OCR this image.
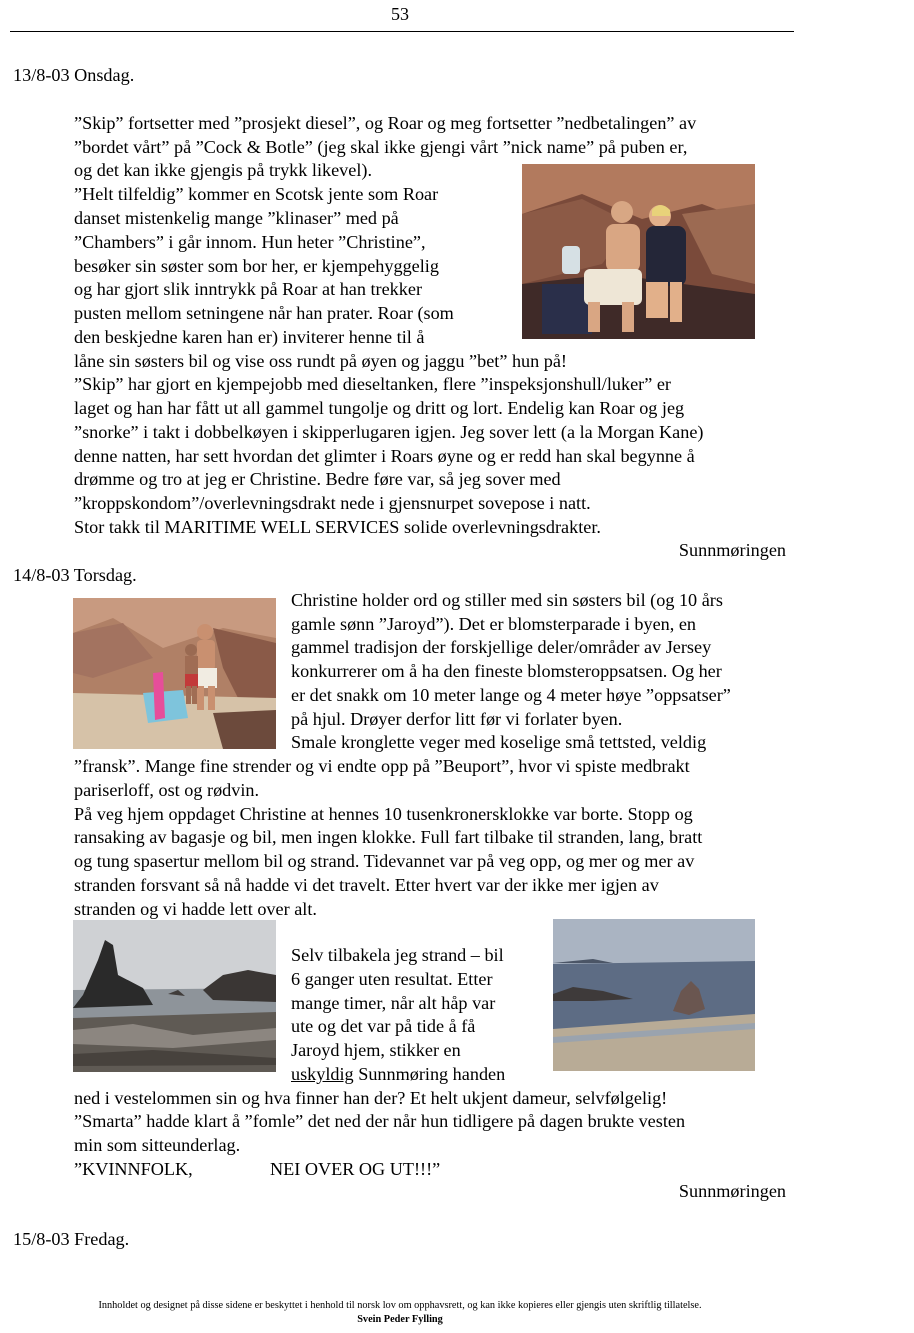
53
13/8-03 Onsdag.
”Skip” fortsetter med ”prosjekt diesel”, og Roar og meg fortsetter ”nedbetalingen” av
”bordet vårt” på ”Cock & Botle” (jeg skal ikke gjengi vårt ”nick name” på puben er,
og det kan ikke gjengis på trykk likevel).
”Helt tilfeldig” kommer en Scotsk jente som Roar
danset mistenkelig mange ”klinaser” med på
”Chambers” i går innom. Hun heter ”Christine”,
besøker sin søster som bor her, er kjempehyggelig
og har gjort slik inntrykk på Roar at han trekker
pusten mellom setningene når han prater. Roar (som
den beskjedne karen han er) inviterer henne til å
låne sin søsters bil og vise oss rundt på øyen og jaggu ”bet” hun på!
”Skip” har gjort en kjempejobb med dieseltanken, flere ”inspeksjonshull/luker” er
laget og han har fått ut all gammel tungolje og dritt og lort. Endelig kan Roar og jeg
”snorke” i takt i dobbelkøyen i skipperlugaren igjen. Jeg sover lett (a la Morgan Kane)
denne natten, har sett hvordan det glimter i Roars øyne og er redd han skal begynne å
drømme og tro at jeg er Christine. Bedre føre var, så jeg sover med
”kroppskondom”/overlevningsdrakt nede i gjensnurpet sovepose i natt.
Stor takk til MARITIME WELL SERVICES solide overlevningsdrakter.
Sunnmøringen
14/8-03 Torsdag.
Christine holder ord og stiller med sin søsters bil (og 10 års
gamle sønn ”Jaroyd”). Det er blomsterparade i byen, en
gammel tradisjon der forskjellige deler/områder av Jersey
konkurrerer om å ha den fineste blomsteroppsatsen. Og her
er det snakk om 10 meter lange og 4 meter høye ”oppsatser”
på hjul. Drøyer derfor litt før vi forlater byen.
Smale kronglette veger med koselige små tettsted, veldig
”fransk”. Mange fine strender og vi endte opp på ”Beuport”, hvor vi spiste medbrakt
pariserloff, ost og rødvin.
På veg hjem oppdaget Christine at hennes 10 tusenkronersklokke var borte. Stopp og
ransaking av bagasje og bil, men ingen klokke. Full fart tilbake til stranden, lang, bratt
og tung spasertur mellom bil og strand. Tidevannet var på veg opp, og mer og mer av
stranden forsvant så nå hadde vi det travelt. Etter hvert var der ikke mer igjen av
stranden og vi hadde lett over alt.
Selv tilbakela jeg strand – bil
6 ganger uten resultat. Etter
mange timer, når alt håp var
ute og det var på tide å få
Jaroyd hjem, stikker en
uskyldig Sunnmøring handen
ned i vestelommen sin og hva finner han der? Et helt ukjent dameur, selvfølgelig!
”Smarta” hadde klart å ”fomle” det ned der når hun tidligere på dagen brukte vesten
min som sitteunderlag.
”KVINNFOLK,	NEI OVER OG UT!!!”
Sunnmøringen
15/8-03 Fredag.
Innholdet og designet på disse sidene er beskyttet i henhold til norsk lov om opphavsrett, og kan ikke kopieres eller gjengis uten skriftlig tillatelse.
Svein Peder Fylling
